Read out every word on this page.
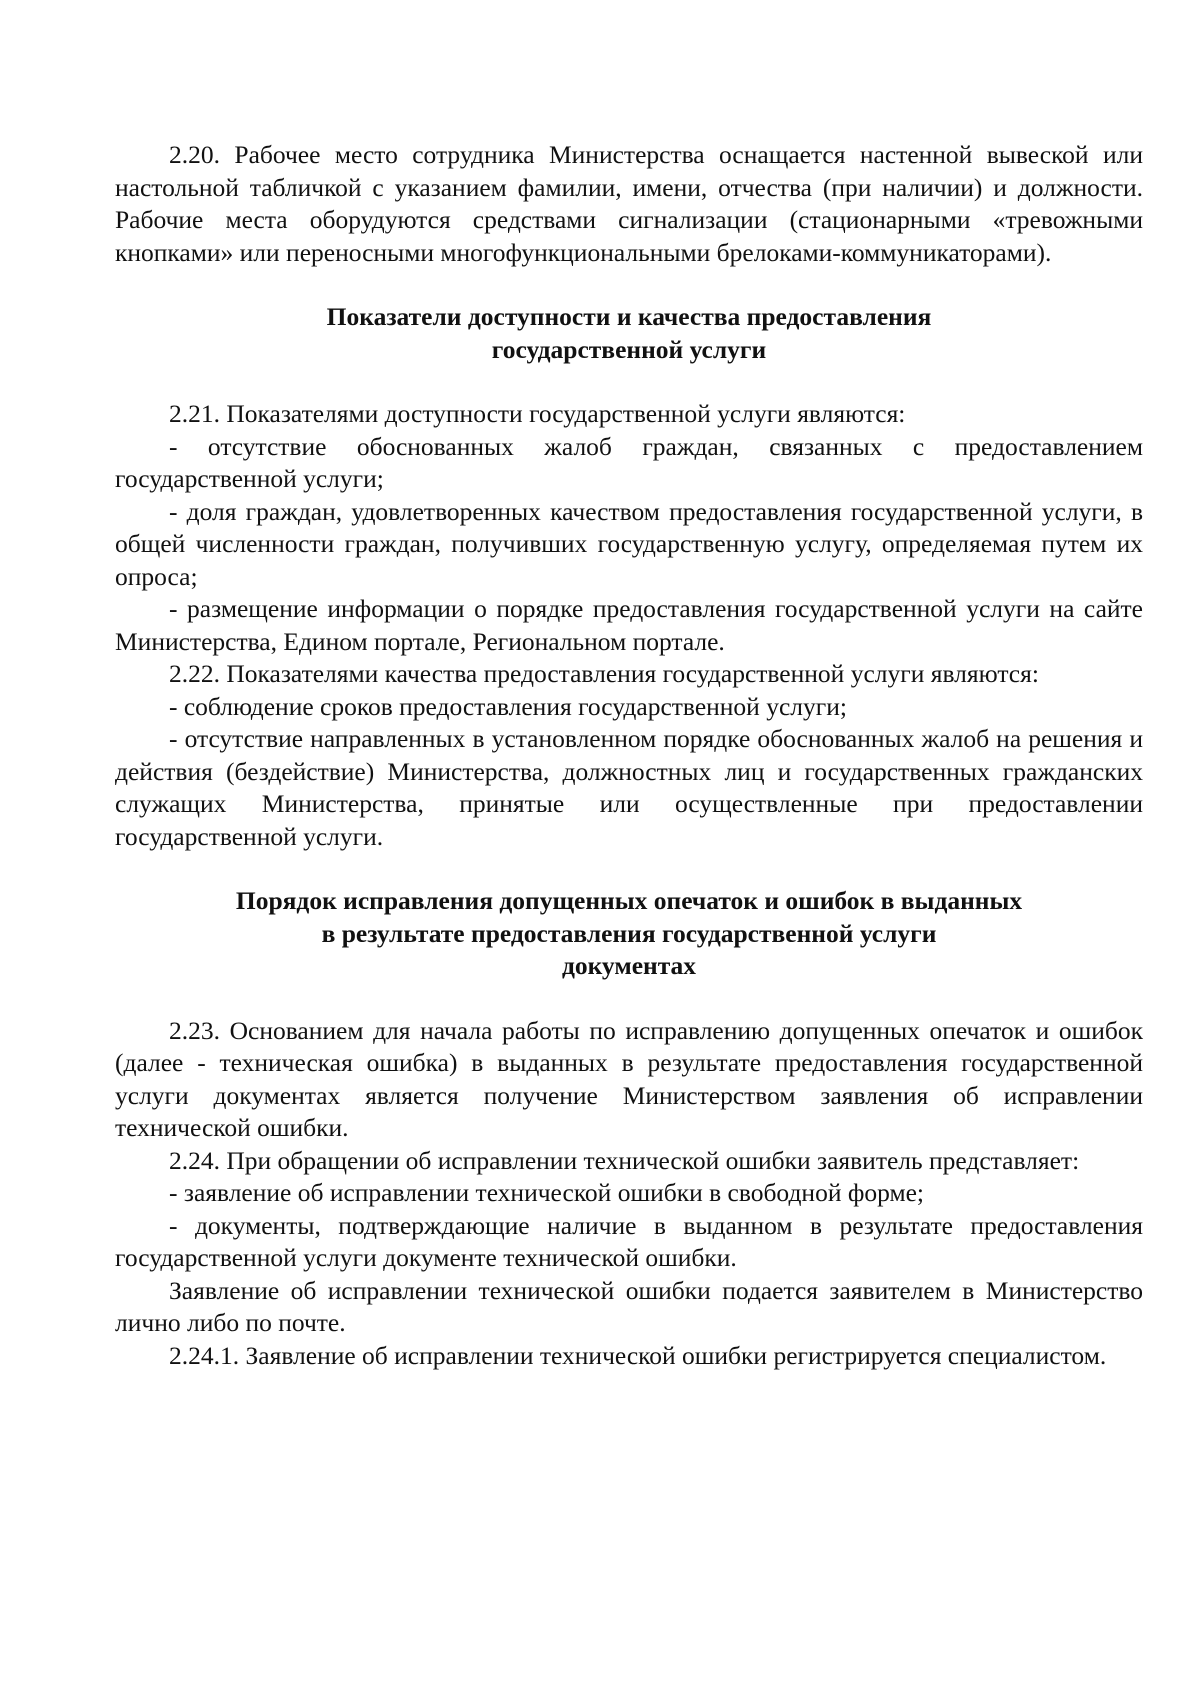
2.20. Рабочее место сотрудника Министерства оснащается настенной вывеской или настольной табличкой с указанием фамилии, имени, отчества (при наличии) и должности. Рабочие места оборудуются средствами сигнализации (стационарными «тревожными кнопками» или переносными многофункциональными брелоками-коммуникаторами).

Показатели доступности и качества предоставления
государственной услуги

2.21. Показателями доступности государственной услуги являются:

- отсутствие обоснованных жалоб граждан, связанных с предоставлением государственной услуги;

- доля граждан, удовлетворенных качеством предоставления государственной услуги, в общей численности граждан, получивших государственную услугу, определяемая путем их опроса;

- размещение информации о порядке предоставления государственной услуги на сайте Министерства, Едином портале, Региональном портале.

2.22. Показателями качества предоставления государственной услуги являются:

- соблюдение сроков предоставления государственной услуги;

- отсутствие направленных в установленном порядке обоснованных жалоб на решения и действия (бездействие) Министерства, должностных лиц и государственных гражданских служащих Министерства, принятые или осуществленные при предоставлении государственной услуги.

Порядок исправления допущенных опечаток и ошибок в выданных
в результате предоставления государственной услуги
документах

2.23. Основанием для начала работы по исправлению допущенных опечаток и ошибок (далее - техническая ошибка) в выданных в результате предоставления государственной услуги документах является получение Министерством заявления об исправлении технической ошибки.

2.24. При обращении об исправлении технической ошибки заявитель представляет:

- заявление об исправлении технической ошибки в свободной форме;

- документы, подтверждающие наличие в выданном в результате предоставления государственной услуги документе технической ошибки.

Заявление об исправлении технической ошибки подается заявителем в Министерство лично либо по почте.

2.24.1. Заявление об исправлении технической ошибки регистрируется специалистом.
